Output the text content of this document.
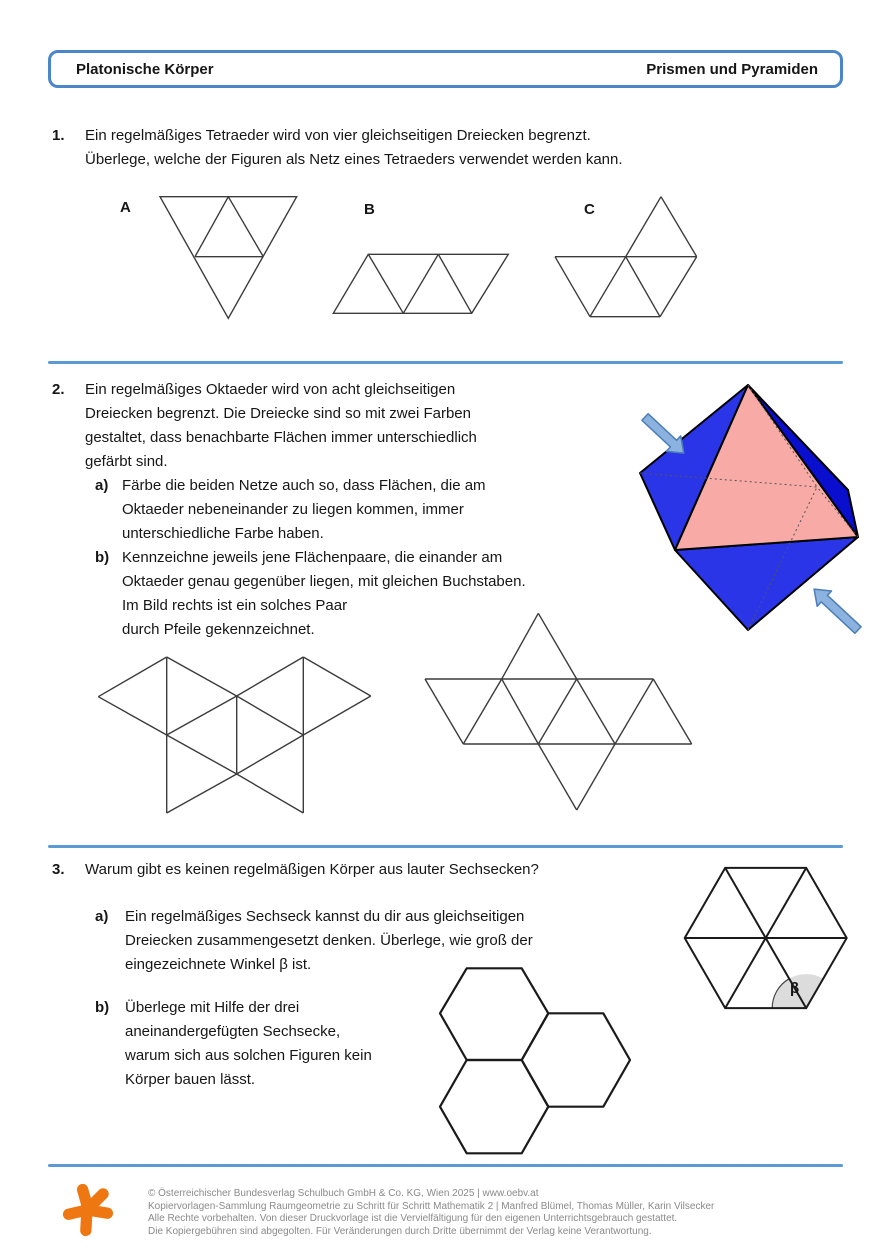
Platonische Körper	Prismen und Pyramiden
1. Ein regelmäßiges Tetraeder wird von vier gleichseitigen Dreiecken begrenzt.
Überlege, welche der Figuren als Netz eines Tetraeders verwendet werden kann.
A	B	C
2. Ein regelmäßiges Oktaeder wird von acht gleichseitigen
Dreiecken begrenzt. Die Dreiecke sind so mit zwei Farben
gestaltet, dass benachbarte Flächen immer unterschiedlich
gefärbt sind.
a) Färbe die beiden Netze auch so, dass Flächen, die am
Oktaeder nebeneinander zu liegen kommen, immer
unterschiedliche Farbe haben.
b) Kennzeichne jeweils jene Flächenpaare, die einander am
Oktaeder genau gegenüber liegen, mit gleichen Buchstaben.
Im Bild rechts ist ein solches Paar
durch Pfeile gekennzeichnet.
3. Warum gibt es keinen regelmäßigen Körper aus lauter Sechsecken?
a) Ein regelmäßiges Sechseck kannst du dir aus gleichseitigen
Dreiecken zusammengesetzt denken. Überlege, wie groß der
eingezeichnete Winkel β ist.
b) Überlege mit Hilfe der drei
aneinandergefügten Sechsecke,
warum sich aus solchen Figuren kein
Körper bauen lässt.
β
© Österreichischer Bundesverlag Schulbuch GmbH & Co. KG, Wien 2025 | www.oebv.at
Kopiervorlagen-Sammlung Raumgeometrie zu Schritt für Schritt Mathematik 2 | Manfred Blümel, Thomas Müller, Karin Vilsecker
Alle Rechte vorbehalten. Von dieser Druckvorlage ist die Vervielfältigung für den eigenen Unterrichtsgebrauch gestattet.
Die Kopiergebühren sind abgegolten. Für Veränderungen durch Dritte übernimmt der Verlag keine Verantwortung.
